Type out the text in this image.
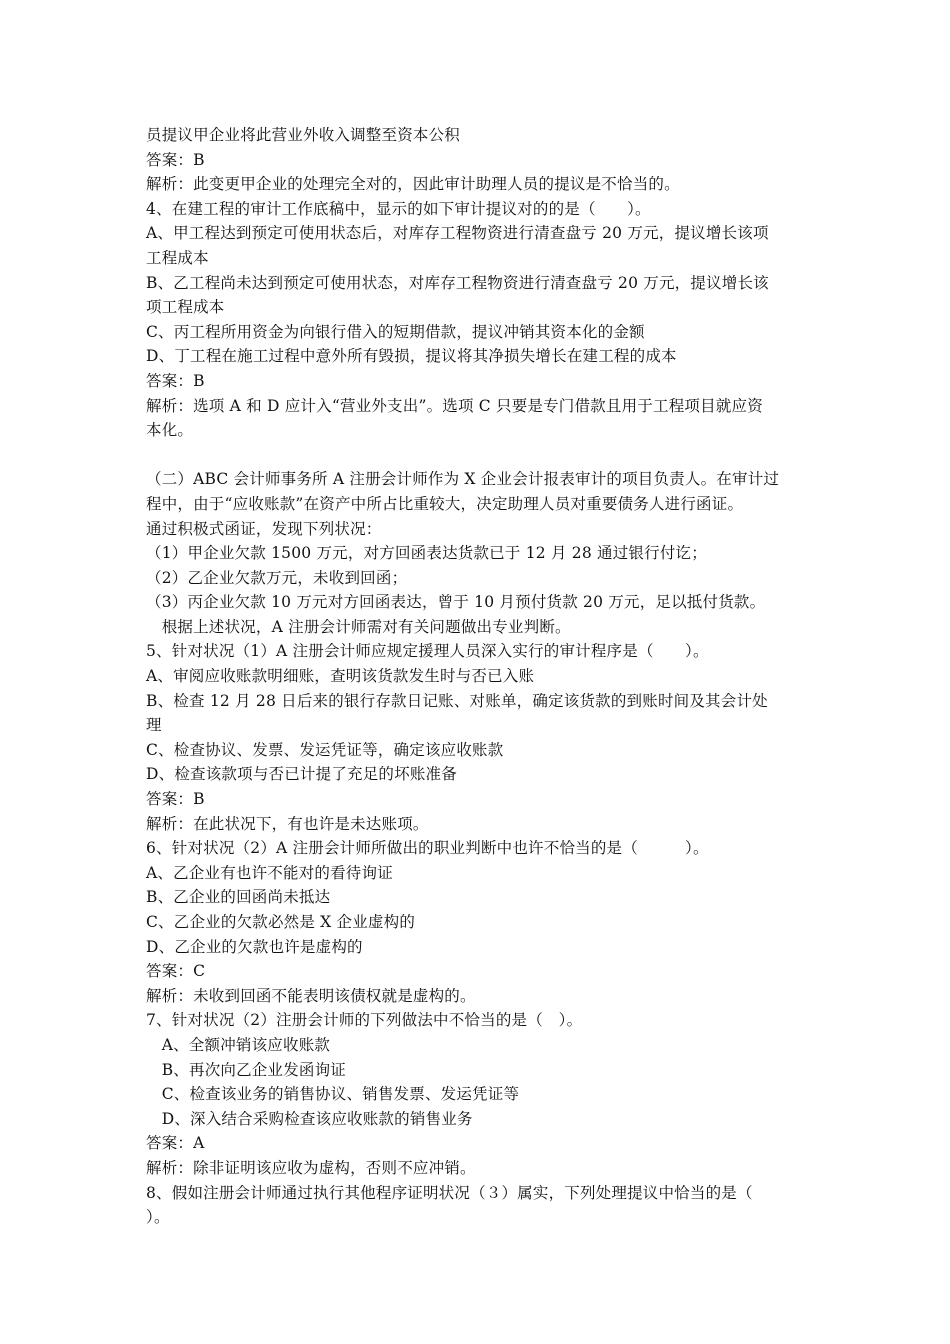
员提议甲企业将此营业外收入调整至资本公积
答案：B
解析：此变更甲企业的处理完全对的，因此审计助理人员的提议是不恰当的。
4、在建工程的审计工作底稿中，显示的如下审计提议对的的是（　　）。
A、甲工程达到预定可使用状态后，对库存工程物资进行清查盘亏 20 万元，提议增长该项
工程成本
B、乙工程尚未达到预定可使用状态，对库存工程物资进行清查盘亏 20 万元，提议增长该
项工程成本
C、丙工程所用资金为向银行借入的短期借款，提议冲销其资本化的金额
D、丁工程在施工过程中意外所有毁损，提议将其净损失增长在建工程的成本
答案：B
解析：选项 A 和 D 应计入“营业外支出”。选项 C 只要是专门借款且用于工程项目就应资
本化。
（二）ABC 会计师事务所 A 注册会计师作为 X 企业会计报表审计的项目负责人。在审计过
程中，由于“应收账款”在资产中所占比重较大，决定助理人员对重要债务人进行函证。
通过积极式函证，发现下列状况：
（1）甲企业欠款 1500 万元，对方回函表达货款已于 12 月 28 通过银行付讫；
（2）乙企业欠款万元，未收到回函；
（3）丙企业欠款 10 万元对方回函表达，曾于 10 月预付货款 20 万元，足以抵付货款。
　根据上述状况，A 注册会计师需对有关问题做出专业判断。
5、针对状况（1）A 注册会计师应规定援理人员深入实行的审计程序是（　　）。
A、审阅应收账款明细账，查明该货款发生时与否已入账
B、检查 12 月 28 日后来的银行存款日记账、对账单，确定该货款的到账时间及其会计处
理
C、检查协议、发票、发运凭证等，确定该应收账款
D、检查该款项与否已计提了充足的坏账准备
答案：B
解析：在此状况下，有也许是未达账项。
6、针对状况（2）A 注册会计师所做出的职业判断中也许不恰当的是（　　　）。
A、乙企业有也许不能对的看待询证
B、乙企业的回函尚未抵达
C、乙企业的欠款必然是 X 企业虚构的
D、乙企业的欠款也许是虚构的
答案：C
解析：未收到回函不能表明该债权就是虚构的。
7、针对状况（2）注册会计师的下列做法中不恰当的是（　）。
　A、全额冲销该应收账款
　B、再次向乙企业发函询证
　C、检查该业务的销售协议、销售发票、发运凭证等
　D、深入结合采购检查该应收账款的销售业务
答案：A
解析：除非证明该应收为虚构，否则不应冲销。
8、假如注册会计师通过执行其他程序证明状况（３）属实，下列处理提议中恰当的是（
）。
